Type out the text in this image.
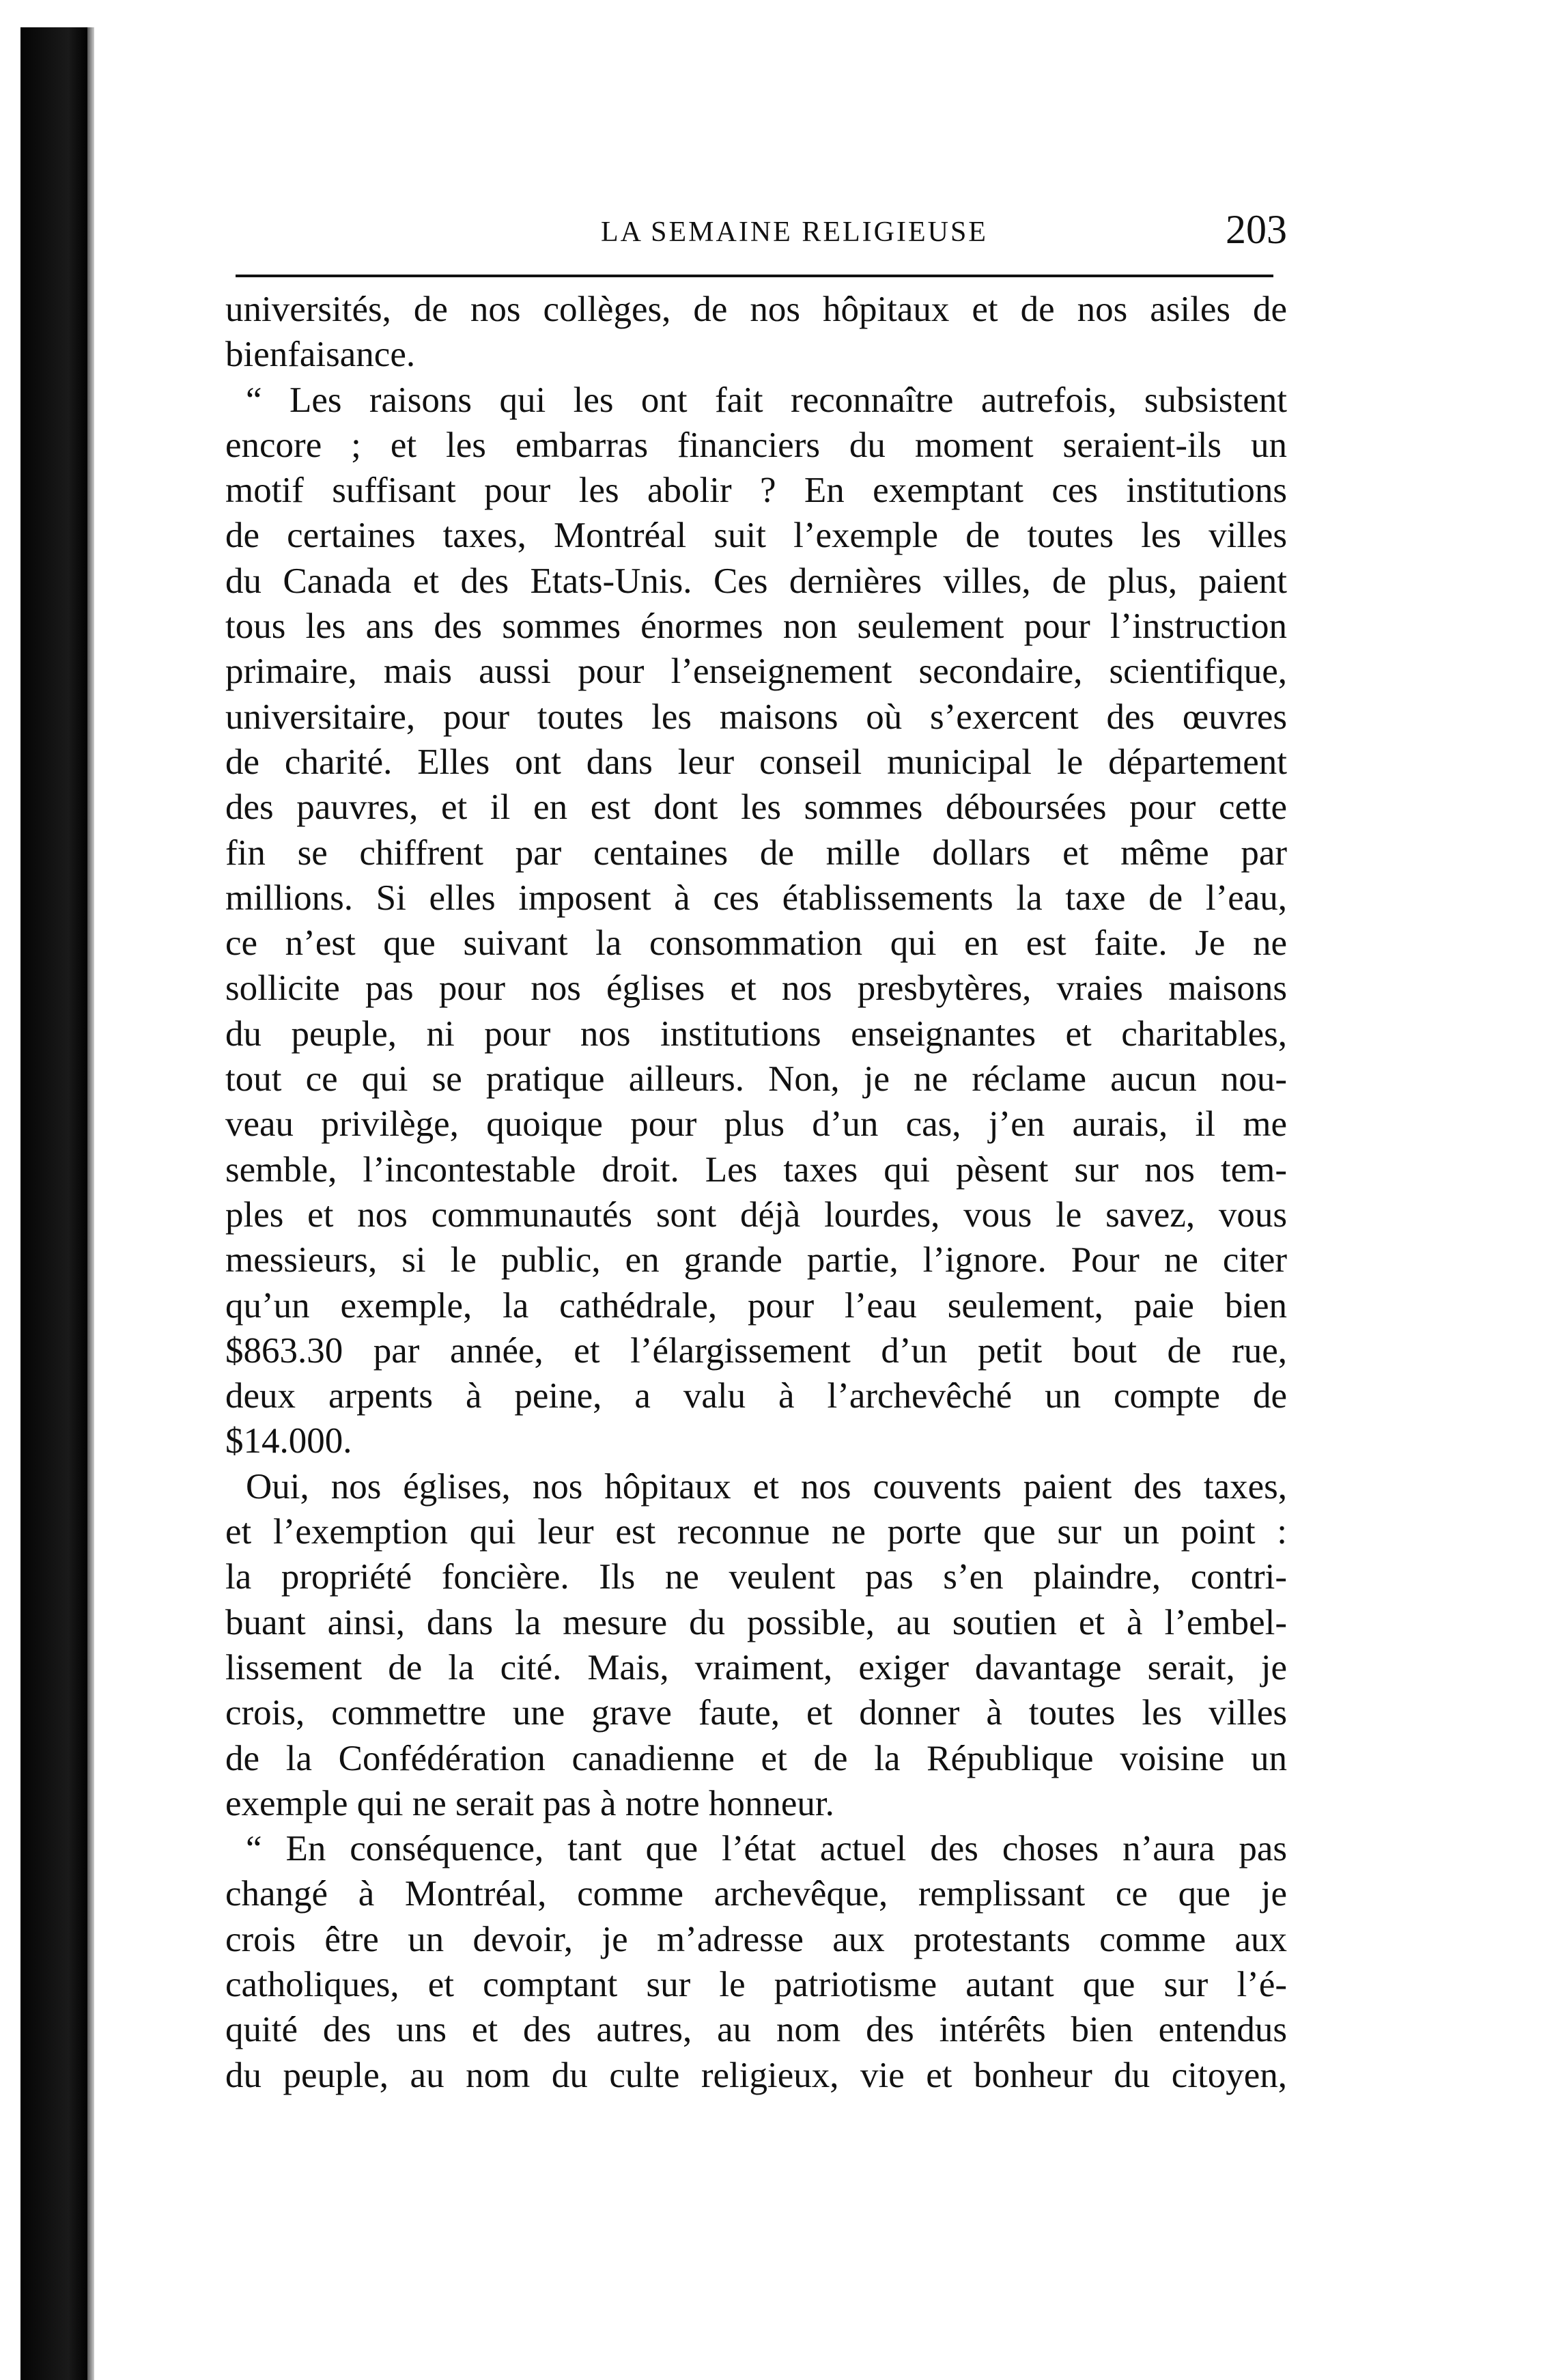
LA SEMAINE RELIGIEUSE	203
universités, de nos collèges, de nos hôpitaux et de nos asiles de
bienfaisance.
“ Les raisons qui les ont fait reconnaître autrefois, subsistent
encore ; et les embarras financiers du moment seraient-ils un
motif suffisant pour les abolir ? En exemptant ces institutions
de certaines taxes, Montréal suit l’exemple de toutes les villes
du Canada et des Etats-Unis. Ces dernières villes, de plus, paient
tous les ans des sommes énormes non seulement pour l’instruction
primaire, mais aussi pour l’enseignement secondaire, scientifique,
universitaire, pour toutes les maisons où s’exercent des œuvres
de charité. Elles ont dans leur conseil municipal le département
des pauvres, et il en est dont les sommes déboursées pour cette
fin se chiffrent par centaines de mille dollars et même par
millions. Si elles imposent à ces établissements la taxe de l’eau,
ce n’est que suivant la consommation qui en est faite. Je ne
sollicite pas pour nos églises et nos presbytères, vraies maisons
du peuple, ni pour nos institutions enseignantes et charitables,
tout ce qui se pratique ailleurs. Non, je ne réclame aucun nou-
veau privilège, quoique pour plus d’un cas, j’en aurais, il me
semble, l’incontestable droit. Les taxes qui pèsent sur nos tem-
ples et nos communautés sont déjà lourdes, vous le savez, vous
messieurs, si le public, en grande partie, l’ignore. Pour ne citer
qu’un exemple, la cathédrale, pour l’eau seulement, paie bien
$863.30 par année, et l’élargissement d’un petit bout de rue,
deux arpents à peine, a valu à l’archevêché un compte de
$14.000.
Oui, nos églises, nos hôpitaux et nos couvents paient des taxes,
et l’exemption qui leur est reconnue ne porte que sur un point :
la propriété foncière. Ils ne veulent pas s’en plaindre, contri-
buant ainsi, dans la mesure du possible, au soutien et à l’embel-
lissement de la cité. Mais, vraiment, exiger davantage serait, je
crois, commettre une grave faute, et donner à toutes les villes
de la Confédération canadienne et de la République voisine un
exemple qui ne serait pas à notre honneur.
“ En conséquence, tant que l’état actuel des choses n’aura pas
changé à Montréal, comme archevêque, remplissant ce que je
crois être un devoir, je m’adresse aux protestants comme aux
catholiques, et comptant sur le patriotisme autant que sur l’é-
quité des uns et des autres, au nom des intérêts bien entendus
du peuple, au nom du culte religieux, vie et bonheur du citoyen,
